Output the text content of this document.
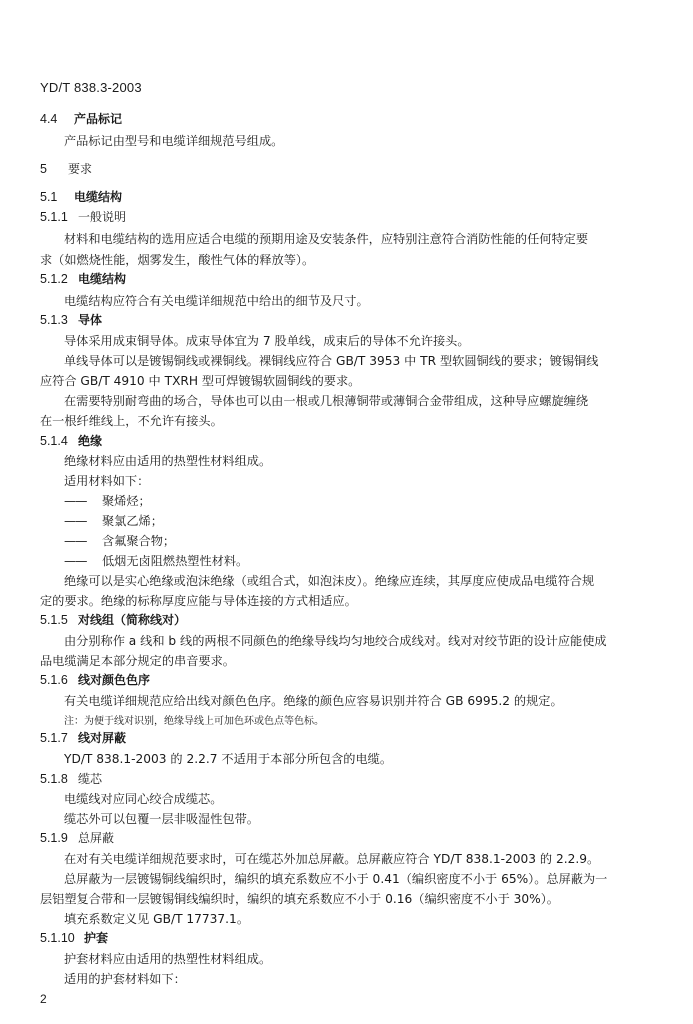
YD/T 838.3-2003
4.4 产品标记
产品标记由型号和电缆详细规范号组成。
5 要求
5.1 电缆结构
5.1.1 一般说明
材料和电缆结构的选用应适合电缆的预期用途及安装条件，应特别注意符合消防性能的任何特定要
求（如燃烧性能，烟雾发生，酸性气体的释放等）。
5.1.2 电缆结构
电缆结构应符合有关电缆详细规范中给出的细节及尺寸。
5.1.3 导体
导体采用成束铜导体。成束导体宜为 7 股单线，成束后的导体不允许接头。
单线导体可以是镀锡铜线或裸铜线。裸铜线应符合 GB/T 3953 中 TR 型软圆铜线的要求；镀锡铜线
应符合 GB/T 4910 中 TXRH 型可焊镀锡软圆铜线的要求。
在需要特别耐弯曲的场合，导体也可以由一根或几根薄铜带或薄铜合金带组成，这种导应螺旋缠绕
在一根纤维线上，不允许有接头。
5.1.4 绝缘
绝缘材料应由适用的热塑性材料组成。
适用材料如下：
—— 聚烯烃；
—— 聚氯乙烯；
—— 含氟聚合物；
—— 低烟无卤阻燃热塑性材料。
绝缘可以是实心绝缘或泡沫绝缘（或组合式，如泡沫皮）。绝缘应连续，其厚度应使成品电缆符合规
定的要求。绝缘的标称厚度应能与导体连接的方式相适应。
5.1.5 对线组（简称线对）
由分别称作 a 线和 b 线的两根不同颜色的绝缘导线均匀地绞合成线对。线对对绞节距的设计应能使成
品电缆满足本部分规定的串音要求。
5.1.6 线对颜色色序
有关电缆详细规范应给出线对颜色色序。绝缘的颜色应容易识别并符合 GB 6995.2 的规定。
注：为便于线对识别，绝缘导线上可加色环或色点等色标。
5.1.7 线对屏蔽
YD/T 838.1-2003 的 2.2.7 不适用于本部分所包含的电缆。
5.1.8 缆芯
电缆线对应同心绞合成缆芯。
缆芯外可以包覆一层非吸湿性包带。
5.1.9 总屏蔽
在对有关电缆详细规范要求时，可在缆芯外加总屏蔽。总屏蔽应符合 YD/T 838.1-2003 的 2.2.9。
总屏蔽为一层镀锡铜线编织时，编织的填充系数应不小于 0.41（编织密度不小于 65%）。总屏蔽为一
层铝塑复合带和一层镀锡铜线编织时，编织的填充系数应不小于 0.16（编织密度不小于 30%）。
填充系数定义见 GB/T 17737.1。
5.1.10 护套
护套材料应由适用的热塑性材料组成。
适用的护套材料如下：
2
